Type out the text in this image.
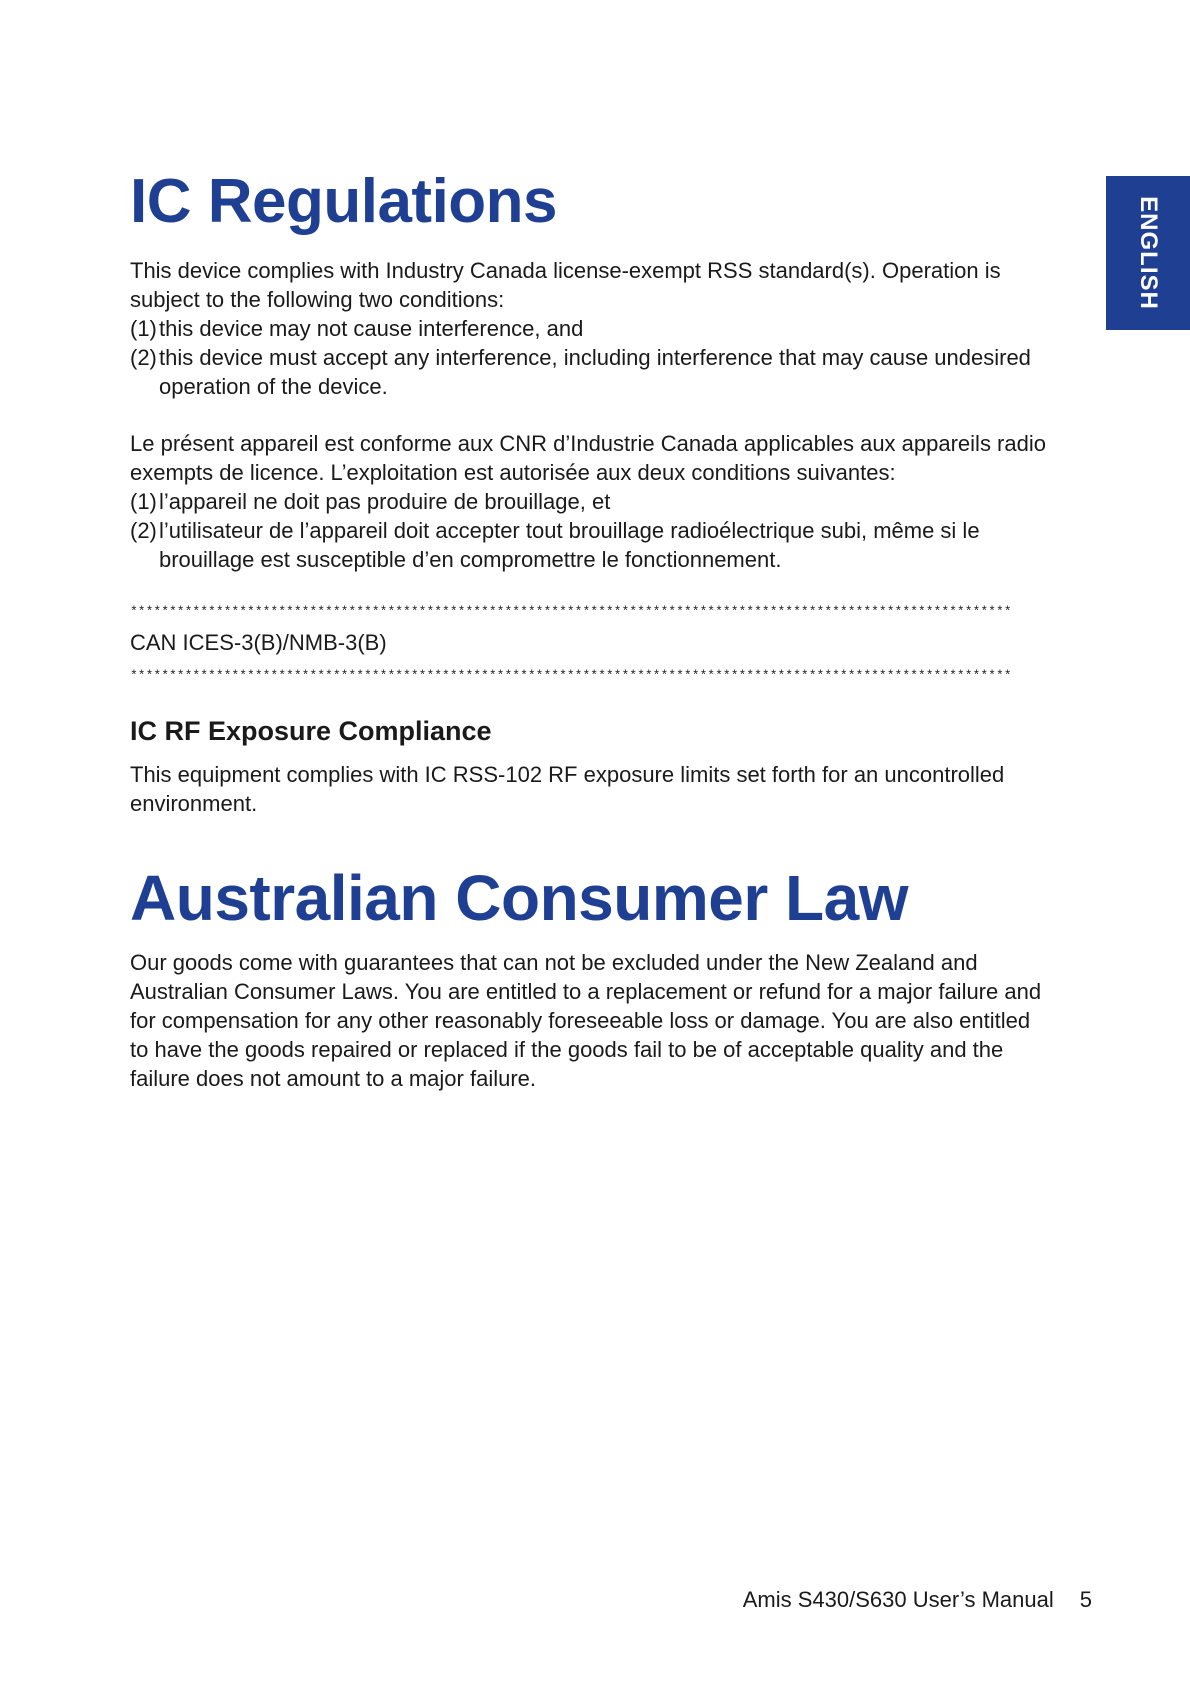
ENGLISH
IC Regulations

This device complies with Industry Canada license-exempt RSS standard(s). Operation is subject to the following two conditions:

(1) this device may not cause interference, and
(2) this device must accept any interference, including interference that may cause undesired operation of the device.

Le présent appareil est conforme aux CNR d’Industrie Canada applicables aux appareils radio exempts de licence. L’exploitation est autorisée aux deux conditions suivantes:

(1) l’appareil ne doit pas produire de brouillage, et
(2) l’utilisateur de l’appareil doit accepter tout brouillage radioélectrique subi, même si le brouillage est susceptible d’en compromettre le fonctionnement.
*****************************************************************************************************************
CAN ICES-3(B)/NMB-3(B)
*****************************************************************************************************************
IC RF Exposure Compliance

This equipment complies with IC RSS-102 RF exposure limits set forth for an uncontrolled environment.

Australian Consumer Law

Our goods come with guarantees that can not be excluded under the New Zealand and Australian Consumer Laws. You are entitled to a replacement or refund for a major failure and for compensation for any other reasonably foreseeable loss or damage. You are also entitled to have the goods repaired or replaced if the goods fail to be of acceptable quality and the failure does not amount to a major failure.

Amis S430/S630 User’s Manual 5
